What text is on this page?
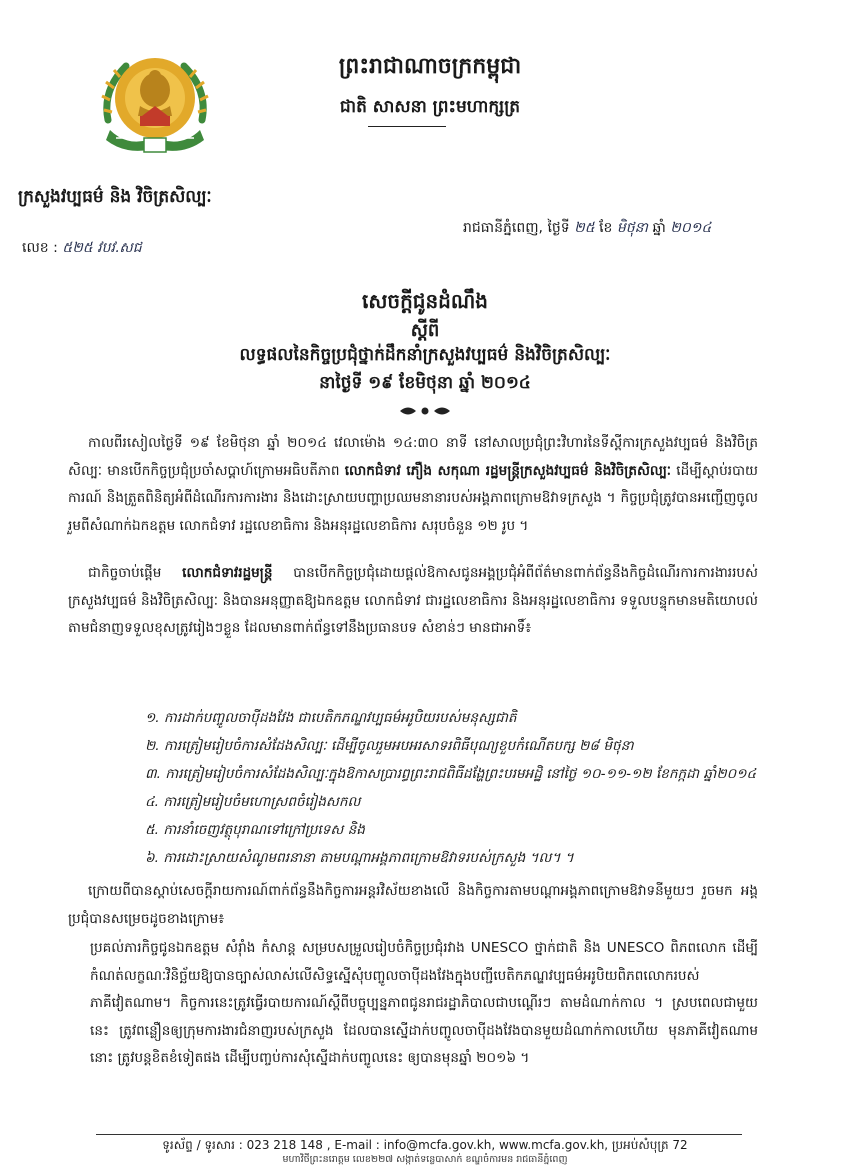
ព្រះរាជាណាចក្រកម្ពុជា
ជាតិ សាសនា ព្រះមហាក្សត្រ
ក្រសួងវប្បធម៌ និង វិចិត្រសិល្បៈ
រាជធានីភ្នំពេញ, ថ្ងៃទី ២៥ ខែ មិថុនា ឆ្នាំ ២០១៤
លេខ : ៥២៥ វបវ.សជ
សេចក្តីជូនដំណឹង
ស្តីពី
លទ្ធផលនៃកិច្ចប្រជុំថ្នាក់ដឹកនាំក្រសួងវប្បធម៌ និងវិចិត្រសិល្បៈ
នាថ្ងៃទី ១៩ ខែមិថុនា ឆ្នាំ ២០១៤

កាលពីរសៀលថ្ងៃទី ១៩ ខែមិថុនា ឆ្នាំ ២០១៤ វេលាម៉ោង ១៤:៣០ នាទី នៅសាលប្រជុំព្រះវិហារនៃទីស្តីការក្រសួងវប្បធម៌ និងវិចិត្រសិល្បៈ មានបើកកិច្ចប្រជុំប្រចាំសប្តាហ៍ក្រោមអធិបតីភាព លោកជំទាវ ភឿង សកុណា រដ្ឋមន្ត្រីក្រសួងវប្បធម៌ និងវិចិត្រសិល្បៈ ដើម្បីស្តាប់របាយការណ៍ និងត្រួតពិនិត្យអំពីដំណើរការការងារ និងដោះស្រាយបញ្ហាប្រឈមនានារបស់អង្គភាពក្រោមឱវាទក្រសួង ។ កិច្ចប្រជុំត្រូវបានអញ្ជើញចូលរួមពីសំណាក់ឯកឧត្តម លោកជំទាវ រដ្ឋលេខាធិការ និងអនុរដ្ឋលេខាធិការ សរុបចំនួន ១២ រូប ។

ជាកិច្ចចាប់ផ្តើម លោកជំទាវរដ្ឋមន្ត្រី បានបើកកិច្ចប្រជុំដោយផ្តល់ឱកាសជូនអង្គប្រជុំអំពីព័ត៌មានពាក់ព័ន្ធនឹងកិច្ចដំណើរការការងាររបស់ក្រសួងវប្បធម៌ និងវិចិត្រសិល្បៈ និងបានអនុញ្ញាតឱ្យឯកឧត្តម លោកជំទាវ ជារដ្ឋលេខាធិការ និងអនុរដ្ឋលេខាធិការ ទទួលបន្ទុកមានមតិយោបល់តាមជំនាញទទួលខុសត្រូវរៀងៗខ្លួន ដែលមានពាក់ព័ន្ធទៅនឹងប្រធានបទ សំខាន់ៗ មានជាអាទិ៍៖

១. ការដាក់បញ្ចូលចាប៉ីដងវែង ជាបេតិកភណ្ឌវប្បធម៌អរូបិយរបស់មនុស្សជាតិ
២. ការត្រៀមរៀបចំការសំដែងសិល្បៈ ដើម្បីចូលរួមអបអរសាទរពិធីបុណ្យខួបកំណើតបក្ស ២៨ មិថុនា
៣. ការត្រៀមរៀបចំការសំដែងសិល្បៈក្នុងឱកាសប្រារព្ធព្រះរាជពិធីដង្ហែព្រះបរមអដ្ឋិ នៅថ្ងៃ ១០-១១-១២ ខែកក្កដា ឆ្នាំ២០១៤
៤. ការត្រៀមរៀបចំមហោស្រពចំរៀងសកល
៥. ការនាំចេញវត្ថុបុរាណទៅក្រៅប្រទេស និង
៦. ការដោះស្រាយសំណូមពរនានា តាមបណ្តាអង្គភាពក្រោមឱវាទរបស់ក្រសួង ។ល។ ។

ក្រោយពីបានស្តាប់សេចក្តីរាយការណ៍ពាក់ព័ន្ធនឹងកិច្ចការអន្តរវិស័យខាងលើ និងកិច្ចការតាមបណ្តាអង្គភាពក្រោមឱវាទនីមួយៗ រួចមក អង្គប្រជុំបានសម្រេចដូចខាងក្រោម៖

ប្រគល់ភារកិច្ចជូនឯកឧត្តម សំរ៉ាំង កំសាន្ត សម្របសម្រួលរៀបចំកិច្ចប្រជុំរវាង UNESCO ថ្នាក់ជាតិ និង UNESCO ពិភពលោក ដើម្បីកំណត់លក្ខណៈវិនិច្ឆ័យឱ្យបានច្បាស់លាស់លើសិទ្ធស្នើសុំបញ្ចូលចាប៉ីដងវែងក្នុងបញ្ជីបេតិកភណ្ឌវប្បធម៌អរូបិយពិភពលោករបស់ភាគីវៀតណាម។ កិច្ចការនេះត្រូវធ្វើរបាយការណ៍ស្តីពីបច្ចុប្បន្នភាពជូនរាជរដ្ឋាភិបាលជាបណ្តើរៗ តាមដំណាក់កាល ។ ស្របពេលជាមួយនេះ ត្រូវពន្លឿនឲ្យក្រុមការងារជំនាញរបស់ក្រសួង ដែលបានស្នើដាក់បញ្ចូលចាប៉ីដងវែងបានមួយដំណាក់កាលហើយ មុនភាគីវៀតណាមនោះ ត្រូវបន្តខិតខំទៀតផង ដើម្បីបញ្ចប់ការសុំស្នើដាក់បញ្ចូលនេះ ឲ្យបានមុនឆ្នាំ ២០១៦ ។

ទូរស័ព្ទ / ទូរសារ : 023 218 148 , E-mail : info@mcfa.gov.kh, www.mcfa.gov.kh, ប្រអប់សំបុត្រ 72
មហាវិថីព្រះនរោត្តម លេខ២២៧ សង្កាត់ទន្លេបាសាក់ ខណ្ឌចំការមន រាជធានីភ្នំពេញ
